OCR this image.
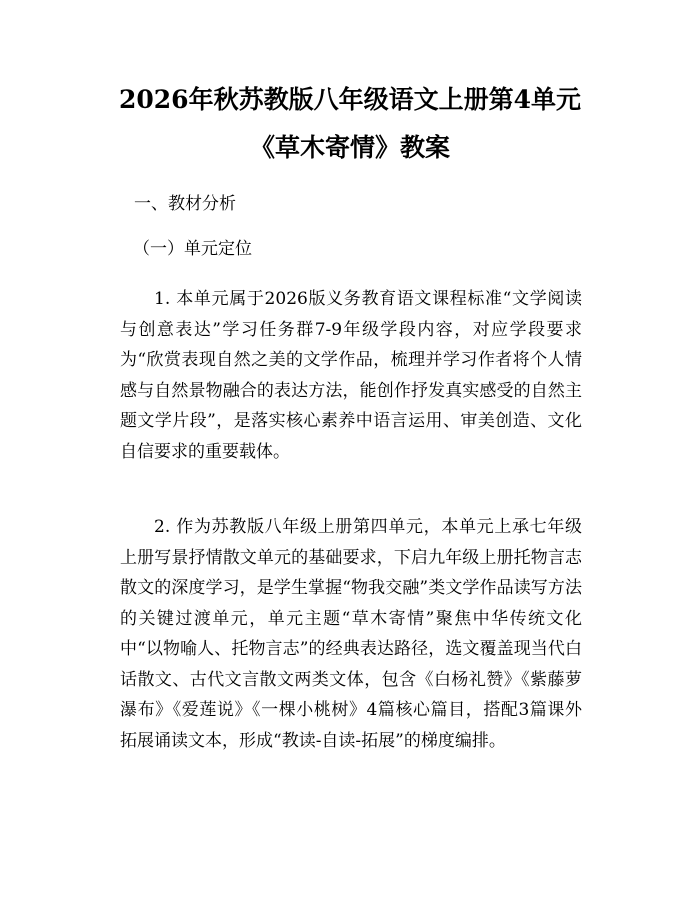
2026年秋苏教版八年级语文上册第4单元
《草木寄情》教案
一、教材分析
（一）单元定位

1. 本单元属于2026版义务教育语文课程标准“文学阅读与创意表达”学习任务群7-9年级学段内容，对应学段要求为“欣赏表现自然之美的文学作品，梳理并学习作者将个人情感与自然景物融合的表达方法，能创作抒发真实感受的自然主题文学片段”，是落实核心素养中语言运用、审美创造、文化自信要求的重要载体。

2. 作为苏教版八年级上册第四单元，本单元上承七年级上册写景抒情散文单元的基础要求，下启九年级上册托物言志散文的深度学习，是学生掌握“物我交融”类文学作品读写方法的关键过渡单元，单元主题“草木寄情”聚焦中华传统文化中“以物喻人、托物言志”的经典表达路径，选文覆盖现当代白话散文、古代文言散文两类文体，包含《白杨礼赞》《紫藤萝瀑布》《爱莲说》《一棵小桃树》4篇核心篇目，搭配3篇课外拓展诵读文本，形成“教读-自读-拓展”的梯度编排。
